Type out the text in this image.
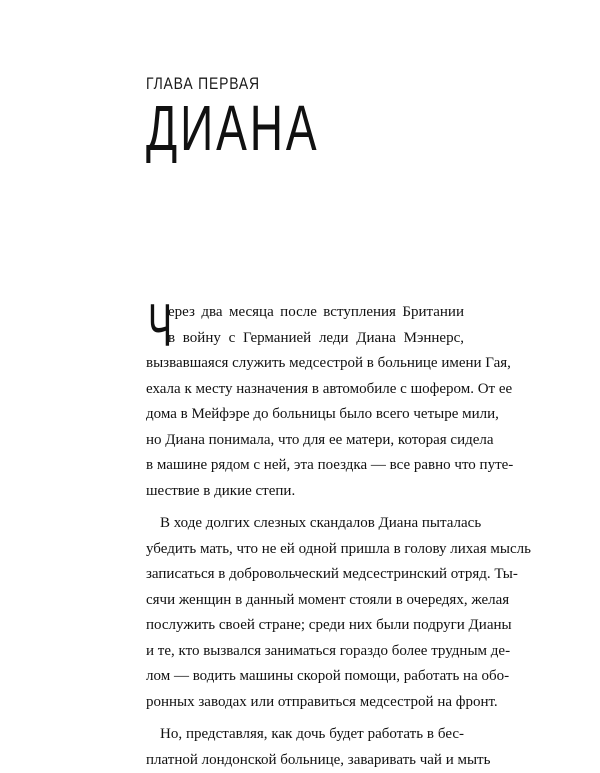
ГЛАВА ПЕРВАЯ
ДИАНА
Ч
ерез два месяца после вступления Британии
в войну с Германией леди Диана Мэннерс,
вызвавшаяся служить медсестрой в больнице имени Гая,
ехала к месту назначения в автомобиле с шофером. От ее
дома в Мейфэре до больницы было всего четыре мили,
но Диана понимала, что для ее матери, которая сидела
в машине рядом с ней, эта поездка — все равно что путе-
шествие в дикие степи.
В ходе долгих слезных скандалов Диана пыталась
убедить мать, что не ей одной пришла в голову лихая мысль
записаться в добровольческий медсестринский отряд. Ты-
сячи женщин в данный момент стояли в очередях, желая
послужить своей стране; среди них были подруги Дианы
и те, кто вызвался заниматься гораздо более трудным де-
лом — водить машины скорой помощи, работать на обо-
ронных заводах или отправиться медсестрой на фронт.
Но, представляя, как дочь будет работать в бес-
платной лондонской больнице, заваривать чай и мыть
